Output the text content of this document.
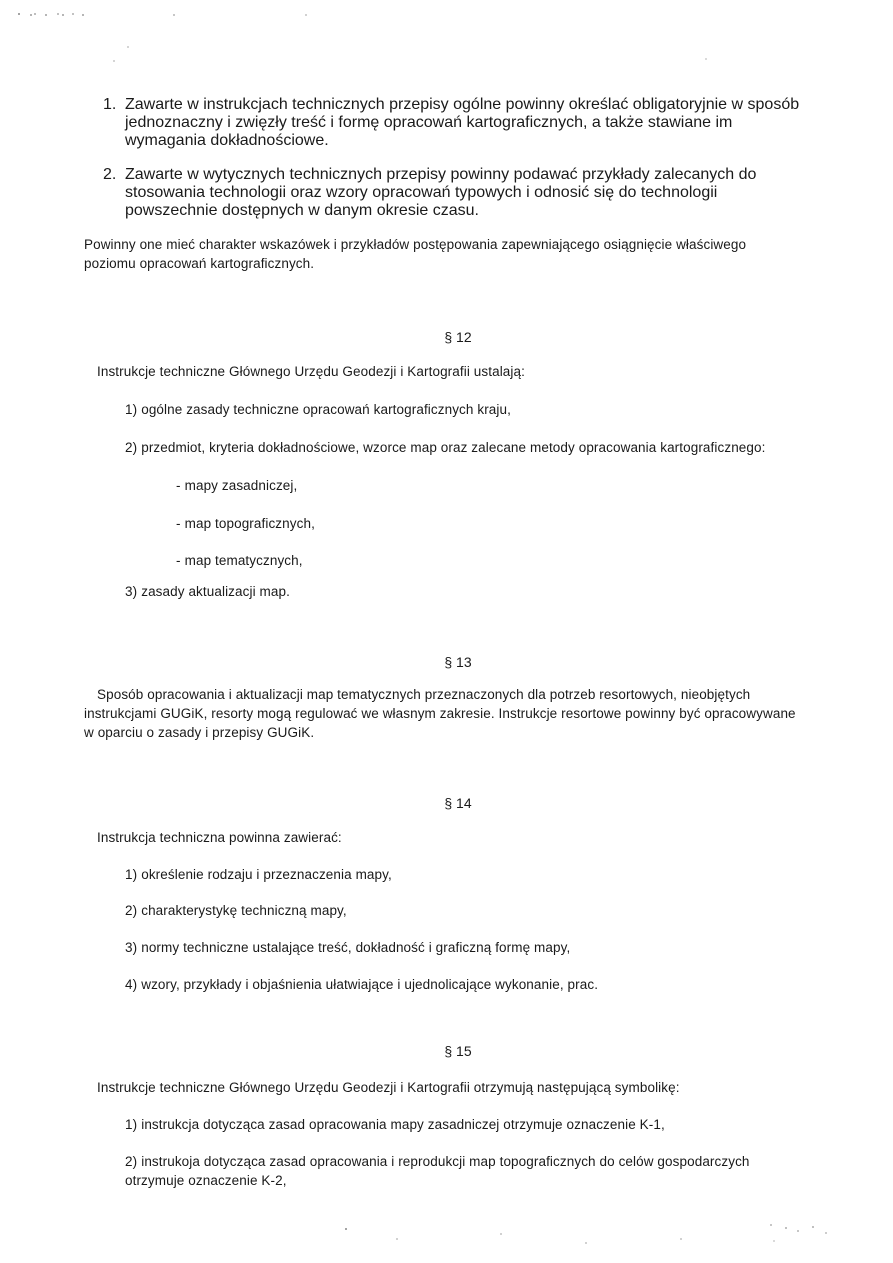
1. Zawarte w instrukcjach technicznych przepisy ogólne powinny określać obligatoryjnie w sposób jednoznaczny i zwięzły treść i formę opracowań kartograficznych, a także stawiane im wymagania dokładnościowe.
2. Zawarte w wytycznych technicznych przepisy powinny podawać przykłady zalecanych do stosowania technologii oraz wzory opracowań typowych i odnosić się do technologii powszechnie dostępnych w danym okresie czasu.
Powinny one mieć charakter wskazówek i przykładów postępowania zapewniającego osiągnięcie właściwego poziomu opracowań kartograficznych.
§ 12
Instrukcje techniczne Głównego Urzędu Geodezji i Kartografii ustalają:
1) ogólne zasady techniczne opracowań kartograficznych kraju,
2) przedmiot, kryteria dokładnościowe, wzorce map oraz zalecane metody opracowania kartograficznego:
- mapy zasadniczej,
- map topograficznych,
- map tematycznych,
3) zasady aktualizacji map.
§ 13
Sposób opracowania i aktualizacji map tematycznych przeznaczonych dla potrzeb resortowych, nieobjętych instrukcjami GUGiK, resorty mogą regulować we własnym zakresie. Instrukcje resortowe powinny być opracowywane w oparciu o zasady i przepisy GUGiK.
§ 14
Instrukcja techniczna powinna zawierać:
1) określenie rodzaju i przeznaczenia mapy,
2) charakterystykę techniczną mapy,
3) normy techniczne ustalające treść, dokładność i graficzną formę mapy,
4) wzory, przykłady i objaśnienia ułatwiające i ujednolicające wykonanie, prac.
§ 15
Instrukcje techniczne Głównego Urzędu Geodezji i Kartografii otrzymują następującą symbolikę:
1) instrukcja dotycząca zasad opracowania mapy zasadniczej otrzymuje oznaczenie K-1,
2) instrukoja dotycząca zasad opracowania i reprodukcji map topograficznych do celów gospodarczych otrzymuje oznaczenie K-2,
